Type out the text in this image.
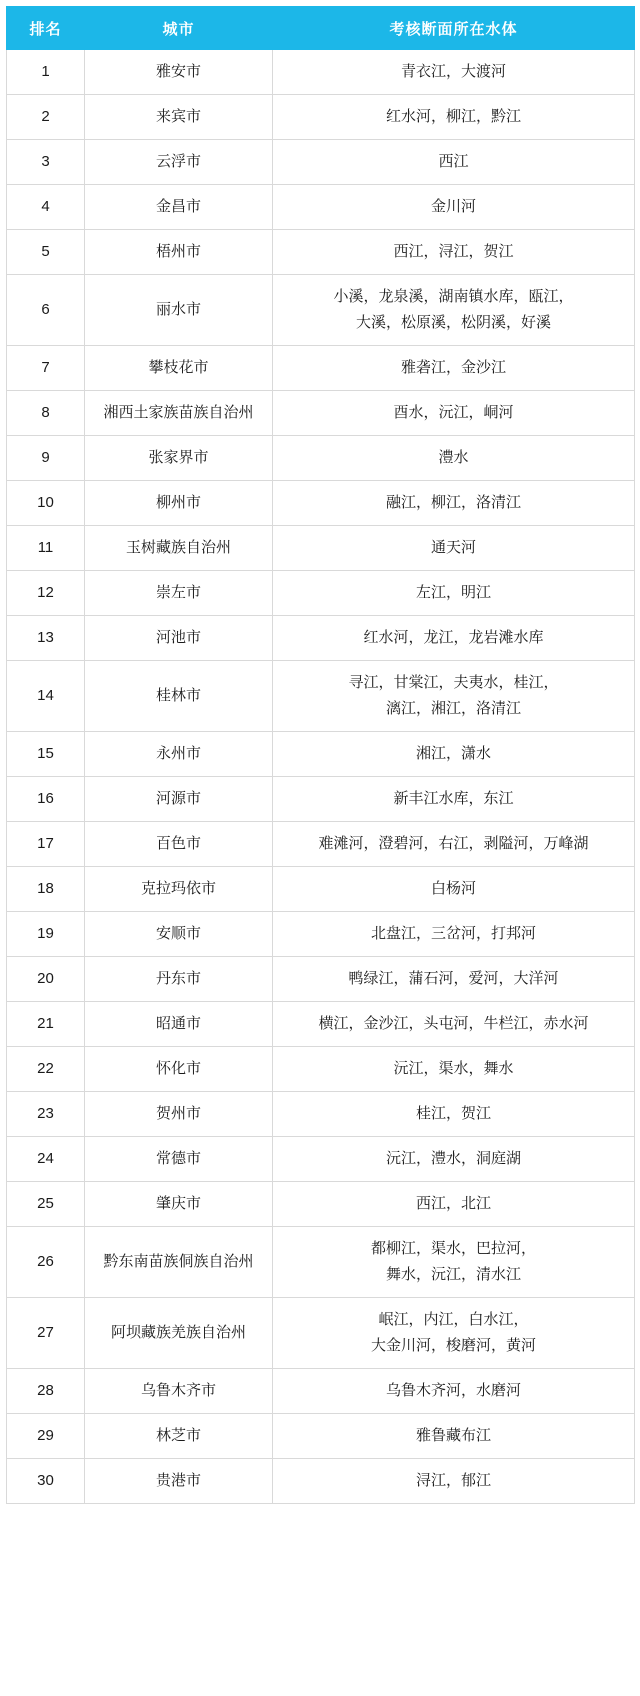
排名	城市	考核断面所在水体
1	雅安市	青衣江，大渡河

2	来宾市	红水河，柳江，黔江

3	云浮市	西江

4	金昌市	金川河

5	梧州市	西江，浔江，贺江

6	丽水市	小溪，龙泉溪，湖南镇水库，瓯江，
大溪，松原溪，松阴溪，好溪

7	攀枝花市	雅砻江，金沙江

8	湘西土家族苗族自治州	酉水，沅江，峒河

9	张家界市	澧水

10	柳州市	融江，柳江，洛清江

11	玉树藏族自治州	通天河

12	崇左市	左江，明江

13	河池市	红水河，龙江，龙岩滩水库

14	桂林市	寻江，甘棠江，夫夷水，桂江，
漓江，湘江，洛清江

15	永州市	湘江，潇水

16	河源市	新丰江水库，东江

17	百色市	难滩河，澄碧河，右江，剥隘河，万峰湖

18	克拉玛依市	白杨河

19	安顺市	北盘江，三岔河，打邦河

20	丹东市	鸭绿江，蒲石河，爱河，大洋河

21	昭通市	横江，金沙江，头屯河，牛栏江，赤水河

22	怀化市	沅江，渠水，舞水

23	贺州市	桂江，贺江

24	常德市	沅江，澧水，洞庭湖

25	肇庆市	西江，北江

26	黔东南苗族侗族自治州	都柳江，渠水，巴拉河，
舞水，沅江，清水江

27	阿坝藏族羌族自治州	岷江，内江，白水江，
大金川河，梭磨河，黄河

28	乌鲁木齐市	乌鲁木齐河，水磨河

29	林芝市	雅鲁藏布江

30	贵港市	浔江，郁江
